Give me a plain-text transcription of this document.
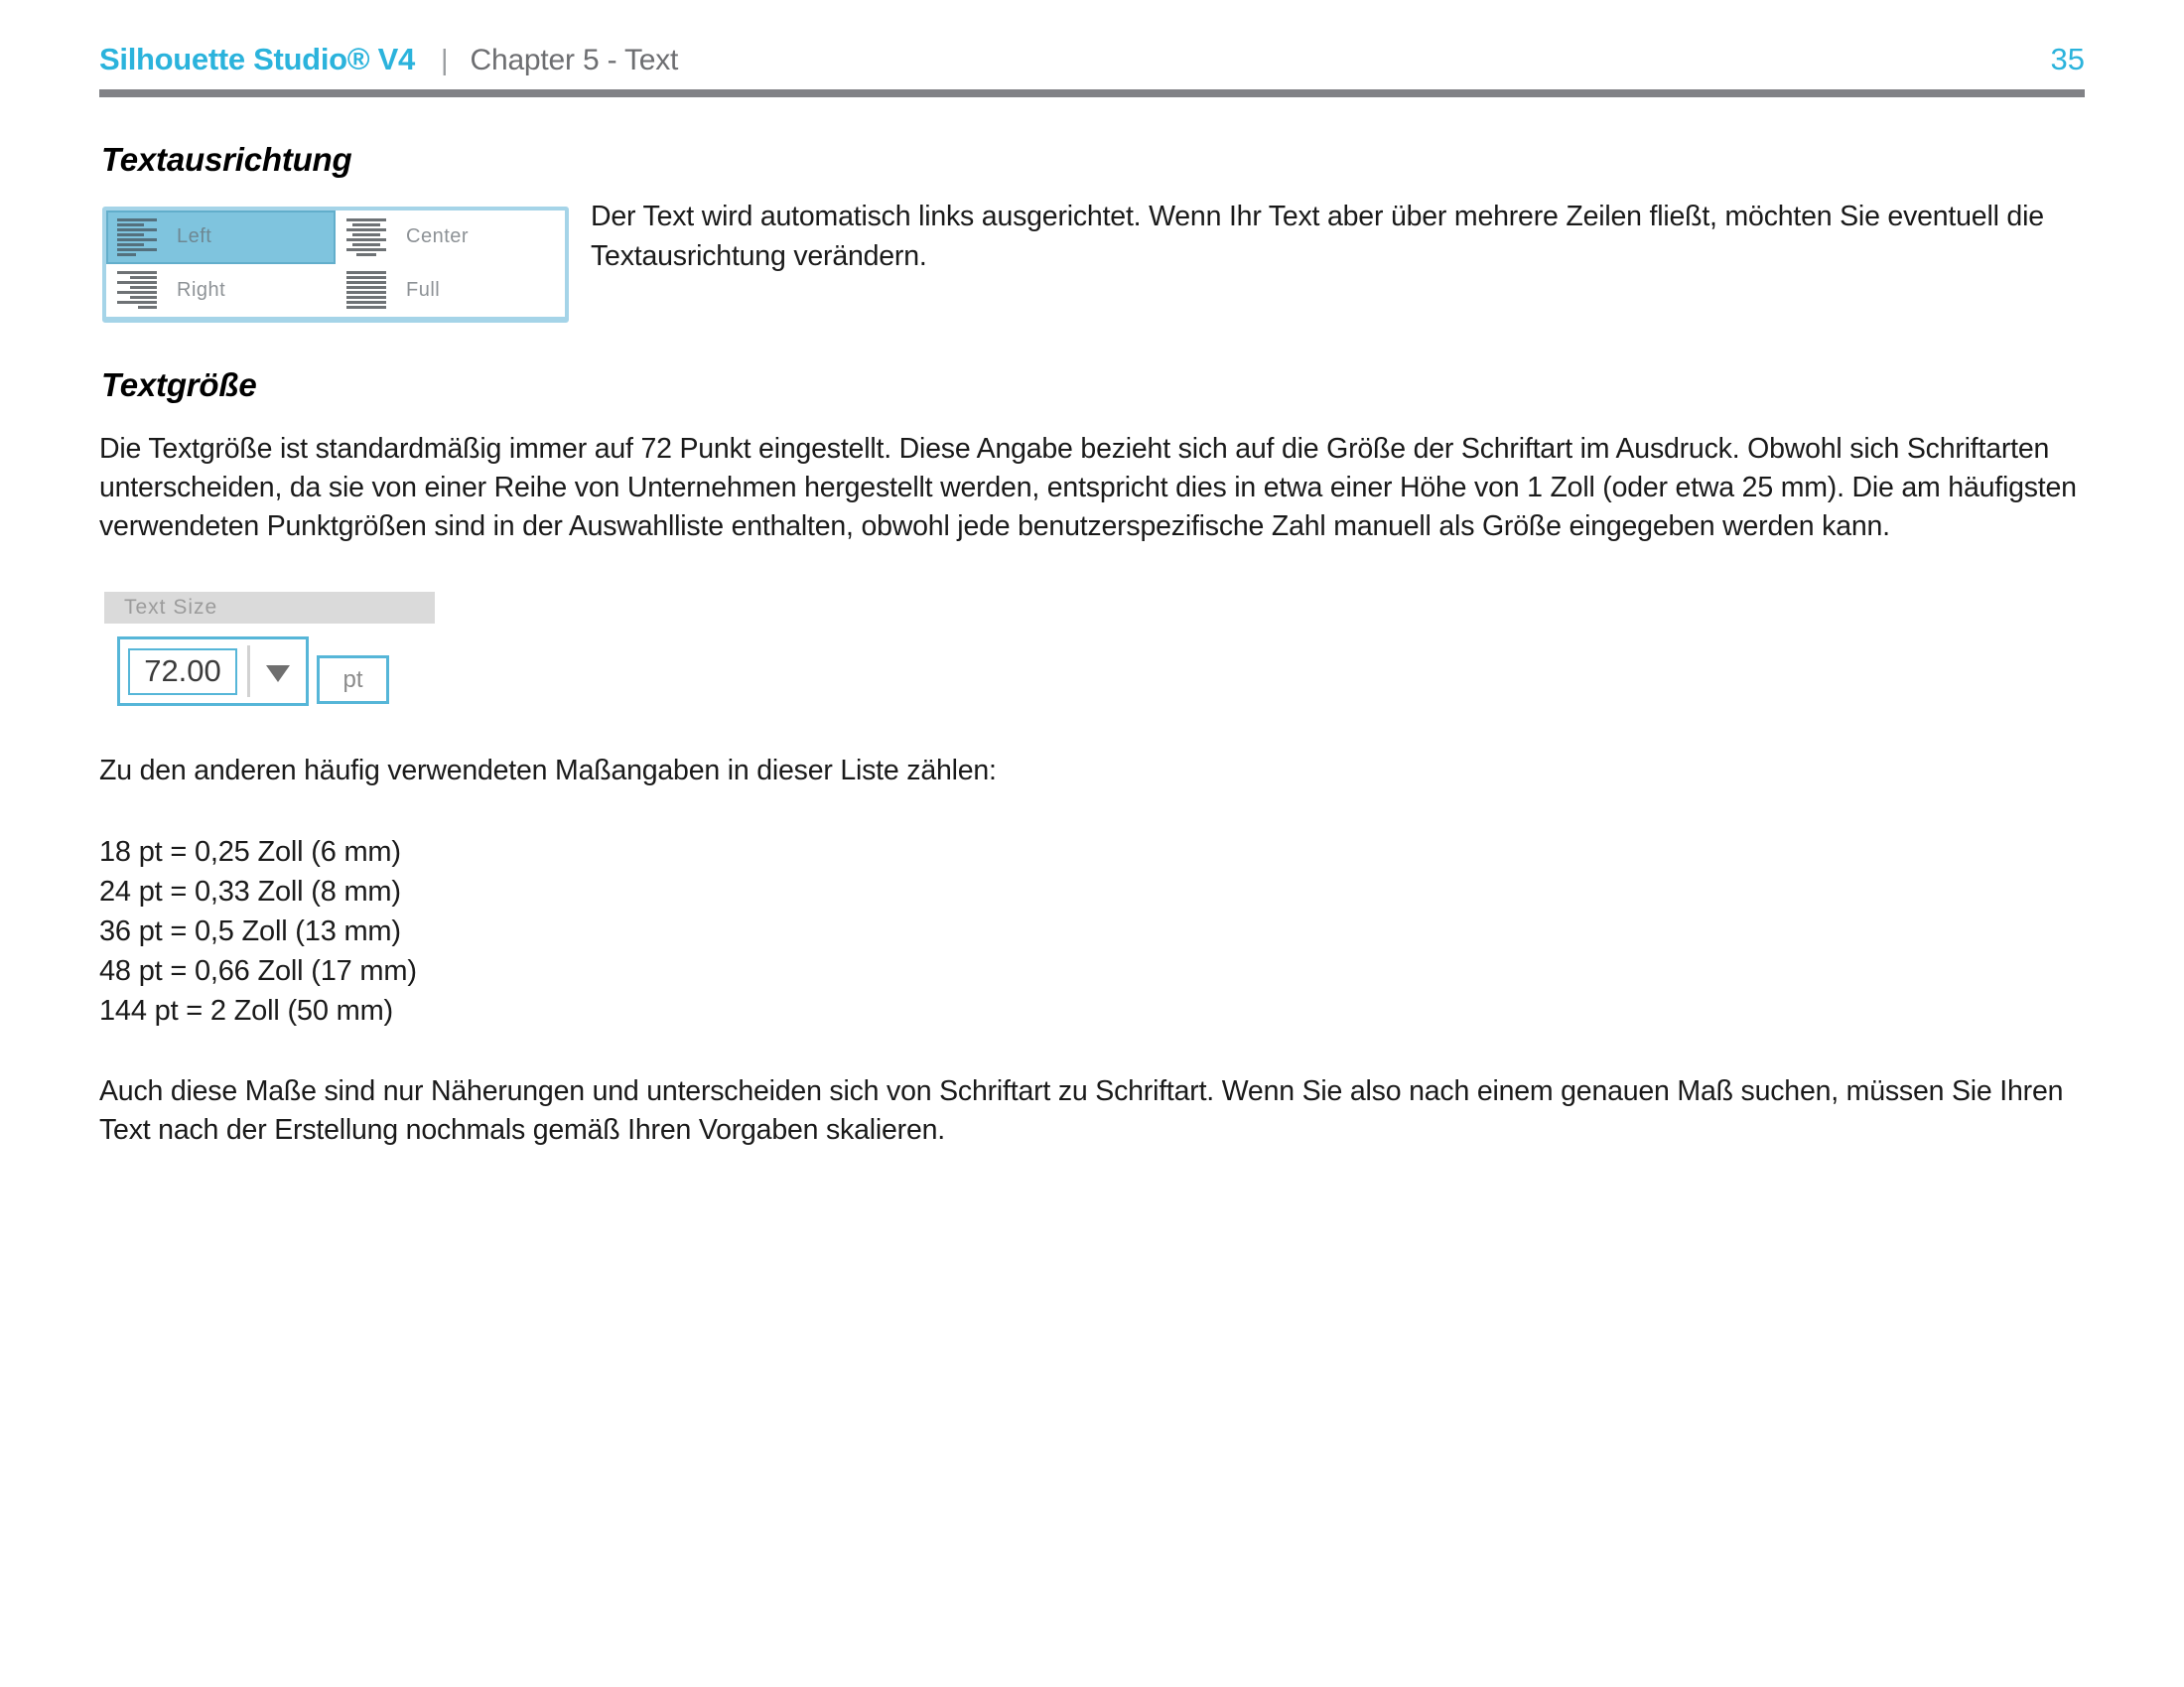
Silhouette Studio® V4 | Chapter 5 - Text	35
Textausrichtung
Left	Center
Right	Full
Der Text wird automatisch links ausgerichtet. Wenn Ihr Text aber über mehrere Zeilen fließt, möchten Sie eventuell die Textausrichtung verändern.
Textgröße
Die Textgröße ist standardmäßig immer auf 72 Punkt eingestellt. Diese Angabe bezieht sich auf die Größe der Schriftart im Ausdruck. Obwohl sich Schriftarten unterscheiden, da sie von einer Reihe von Unternehmen hergestellt werden, entspricht dies in etwa einer Höhe von 1 Zoll (oder etwa 25 mm). Die am häufigsten verwendeten Punktgrößen sind in der Auswahlliste enthalten, obwohl jede benutzerspezifische Zahl manuell als Größe eingegeben werden kann.
Text Size
72.00	pt
Zu den anderen häufig verwendeten Maßangaben in dieser Liste zählen:
18 pt = 0,25 Zoll (6 mm)
24 pt = 0,33 Zoll (8 mm)
36 pt = 0,5 Zoll (13 mm)
48 pt = 0,66 Zoll (17 mm)
144 pt = 2 Zoll (50 mm)
Auch diese Maße sind nur Näherungen und unterscheiden sich von Schriftart zu Schriftart. Wenn Sie also nach einem genauen Maß suchen, müssen Sie Ihren Text nach der Erstellung nochmals gemäß Ihren Vorgaben skalieren.
